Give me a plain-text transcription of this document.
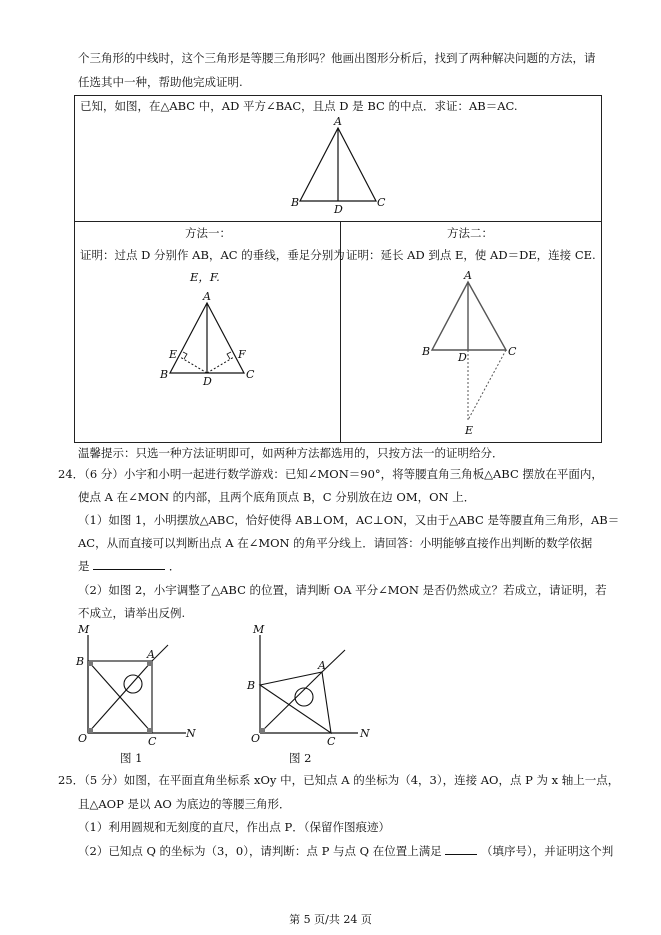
个三角形的中线时，这个三角形是等腰三角形吗？他画出图形分析后，找到了两种解决问题的方法，请
任选其中一种，帮助他完成证明.
已知，如图，在△ABC 中，AD 平方∠BAC，且点 D 是 BC 的中点．求证：AB＝AC.
A
B	C
D
方法一：
证明：过点 D 分别作 AB，AC 的垂线，垂足分别为
E，F.
A
B	C
D
E	F
方法二：
证明：延长 AD 到点 E，使 AD＝DE，连接 CE.
A
B	C
D
E
温馨提示：只选一种方法证明即可，如两种方法都选用的，只按方法一的证明给分．
24．（6 分）小宇和小明一起进行数学游戏：已知∠MON＝90°，将等腰直角三角板△ABC 摆放在平面内，
使点 A 在∠MON 的内部，且两个底角顶点 B，C 分别放在边 OM，ON 上．
（1）如图 1，小明摆放△ABC，恰好使得 AB⊥OM，AC⊥ON，又由于△ABC 是等腰直角三角形，AB＝
AC，从而直接可以判断出点 A 在∠MON 的角平分线上．请回答：小明能够直接作出判断的数学依据
是	．
（2）如图 2，小宇调整了△ABC 的位置，请判断 OA 平分∠MON 是否仍然成立？若成立，请证明，若
不成立，请举出反例.
M
B
A
O	C
N
图 1
M
B
A
O	C
N
图 2
25．（5 分）如图，在平面直角坐标系 xOy 中，已知点 A 的坐标为（4，3），连接 AO，点 P 为 x 轴上一点，
且△AOP 是以 AO 为底边的等腰三角形．
（1）利用圆规和无刻度的直尺，作出点 P．（保留作图痕迹）
（2）已知点 Q 的坐标为（3，0），请判断：点 P 与点 Q 在位置上满足	（填序号），并证明这个判
第 5 页/共 24 页
